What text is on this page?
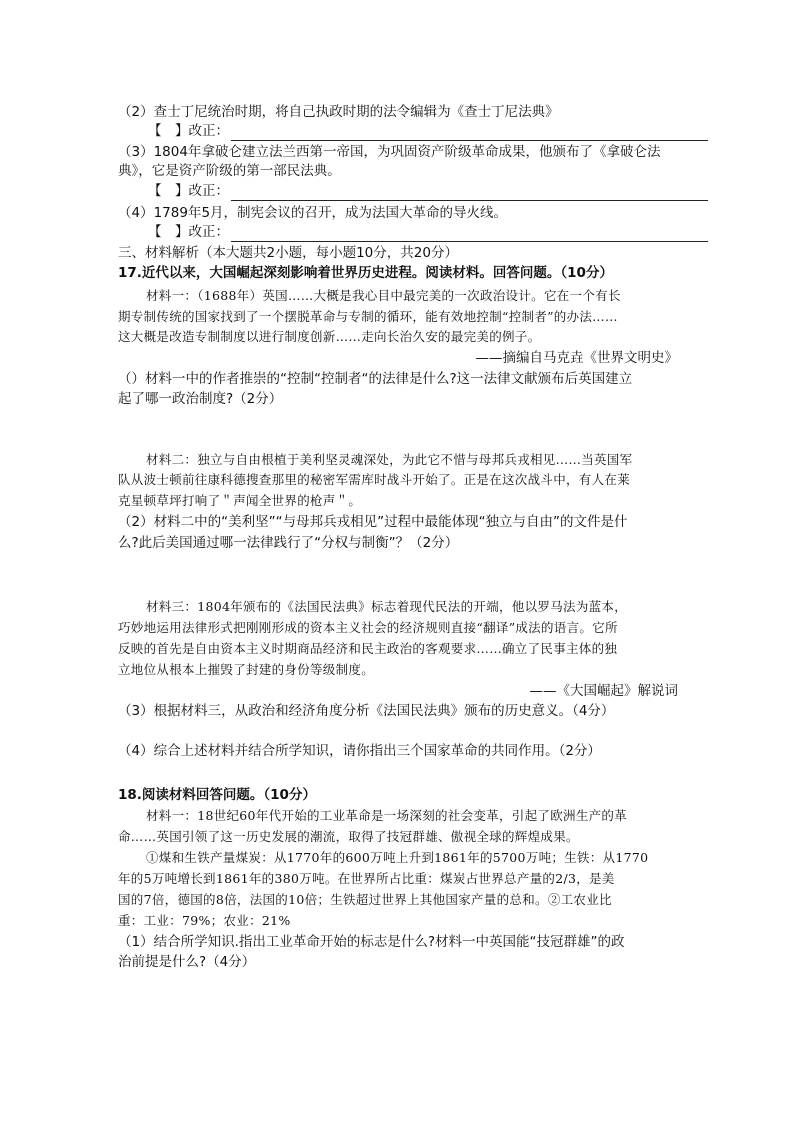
（2）查士丁尼统治时期，将自己执政时期的法令编辑为《查士丁尼法典》
【　】改正：
（3）1804年拿破仑建立法兰西第一帝国，为巩固资产阶级革命成果，他颁布了《拿破仑法
典》，它是资产阶级的第一部民法典。
【　】改正：
（4）1789年5月，制宪会议的召开，成为法国大革命的导火线。
【　】改正：
三、材料解析（本大题共2小题，每小题10分，共20分）
17.近代以来，大国崛起深刻影响着世界历史进程。阅读材料。回答问题。（10分）
材料一：（1688年）英国……大概是我心目中最完美的一次政治设计。它在一个有长
期专制传统的国家找到了一个摆脱革命与专制的循环，能有效地控制“控制者”的办法……
这大概是改造专制制度以进行制度创新……走向长治久安的最完美的例子。
——摘编自马克垚《世界文明史》
（）材料一中的作者推崇的“控制“控制者“的法律是什么?这一法律文献颁布后英国建立
起了哪一政治制度?（2分）
材料二：独立与自由根植于美利坚灵魂深处，为此它不惜与母邦兵戎相见……当英国军
队从波士顿前往康科德搜查那里的秘密军需库时战斗开始了。正是在这次战斗中，有人在莱
克星顿草坪打响了＂声闻全世界的枪声＂。
（2）材料二中的“美利坚”“与母邦兵戎相见”过程中最能体现“独立与自由”的文件是什
么?此后美国通过哪一法律践行了“分权与制衡”？（2分）
材料三：1804年颁布的《法国民法典》标志着现代民法的开端，他以罗马法为蓝本，
巧妙地运用法律形式把刚刚形成的资本主义社会的经济规则直接“翻译”成法的语言。它所
反映的首先是自由资本主义时期商品经济和民主政治的客观要求……确立了民事主体的独
立地位从根本上摧毁了封建的身份等级制度。
——《大国崛起》解说词
（3）根据材料三，从政治和经济角度分析《法国民法典》颁布的历史意义。（4分）
（4）综合上述材料并结合所学知识，请你指出三个国家革命的共同作用。（2分）
18.阅读材料回答问题。（10分）
材料一：18世纪60年代开始的工业革命是一场深刻的社会变革，引起了欧洲生产的革
命……英国引领了这一历史发展的潮流，取得了技冠群雄、傲视全球的辉煌成果。
①煤和生铁产量煤炭：从1770年的600万吨上升到1861年的5700万吨；生铁：从1770
年的5万吨增长到1861年的380万吨。在世界所占比重：煤炭占世界总产量的2/3，是美
国的7倍，德国的8倍，法国的10倍；生铁超过世界上其他国家产量的总和。②工农业比
重：工业：79%；农业：21%
（1）结合所学知识.指出工业革命开始的标志是什么?材料一中英国能“技冠群雄”的政
治前提是什么?（4分）
